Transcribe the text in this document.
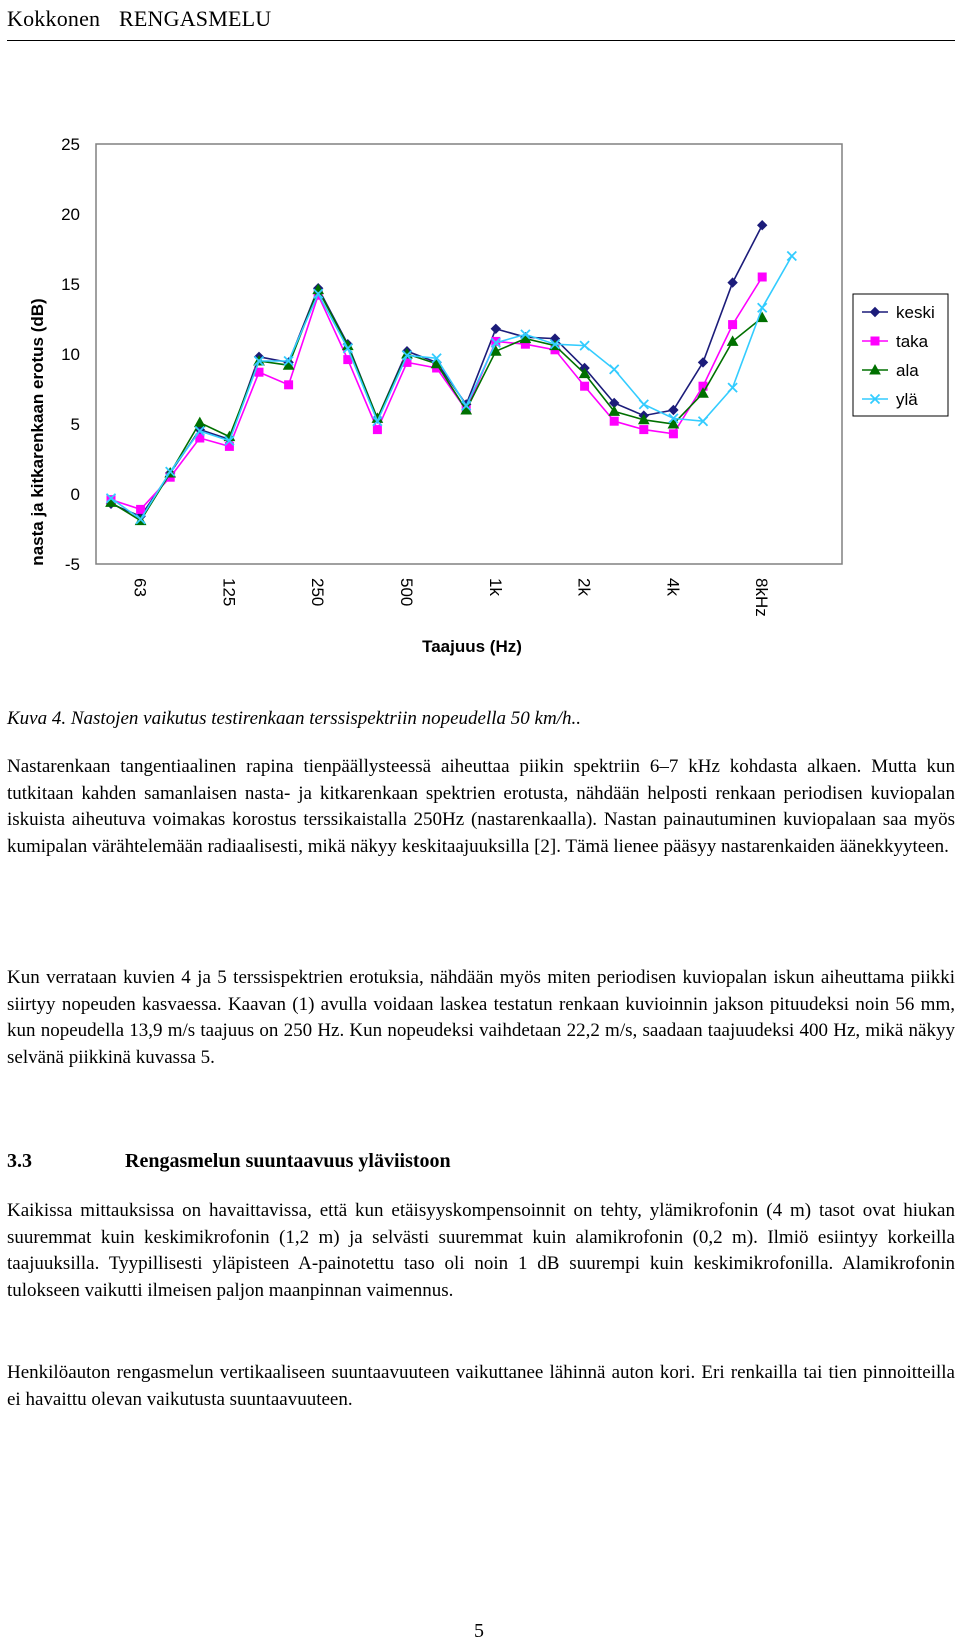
Kokkonen RENGASMELU
25
20
15
10
5
0
-5
63	125	250	500	1k	2k	4k	8kHz
nasta ja kitkarenkaan erotus (dB)
Taajuus (Hz)
keski
taka
ala
ylä
Kuva 4. Nastojen vaikutus testirenkaan terssispektriin nopeudella 50 km/h..
Nastarenkaan tangentiaalinen rapina tienpäällysteessä aiheuttaa piikin spektriin 6–7 kHz kohdasta alkaen. Mutta kun tutkitaan kahden samanlaisen nasta- ja kitkarenkaan spektrien erotusta, nähdään helposti renkaan periodisen kuviopalan iskuista aiheutuva voimakas korostus terssikaistalla 250Hz (nastarenkaalla). Nastan painautuminen kuviopalaan saa myös kumipalan värähtelemään radiaalisesti, mikä näkyy keskitaajuuksilla [2]. Tämä lienee pääsyy nastarenkaiden äänekkyyteen.
Kun verrataan kuvien 4 ja 5 terssispektrien erotuksia, nähdään myös miten periodisen kuviopalan iskun aiheuttama piikki siirtyy nopeuden kasvaessa. Kaavan (1) avulla voidaan laskea testatun renkaan kuvioinnin jakson pituudeksi noin 56 mm, kun nopeudella 13,9 m/s taajuus on 250 Hz. Kun nopeudeksi vaihdetaan 22,2 m/s, saadaan taajuudeksi 400 Hz, mikä näkyy selvänä piikkinä kuvassa 5.
3.3	Rengasmelun suuntaavuus yläviistoon
Kaikissa mittauksissa on havaittavissa, että kun etäisyyskompensoinnit on tehty, ylämikrofonin (4 m) tasot ovat hiukan suuremmat kuin keskimikrofonin (1,2 m) ja selvästi suuremmat kuin alamikrofonin (0,2 m). Ilmiö esiintyy korkeilla taajuuksilla. Tyypillisesti yläpisteen A-painotettu taso oli noin 1 dB suurempi kuin keskimikrofonilla. Alamikrofonin tulokseen vaikutti ilmeisen paljon maanpinnan vaimennus.
Henkilöauton rengasmelun vertikaaliseen suuntaavuuteen vaikuttanee lähinnä auton kori. Eri renkailla tai tien pinnoitteilla ei havaittu olevan vaikutusta suuntaavuuteen.
5
